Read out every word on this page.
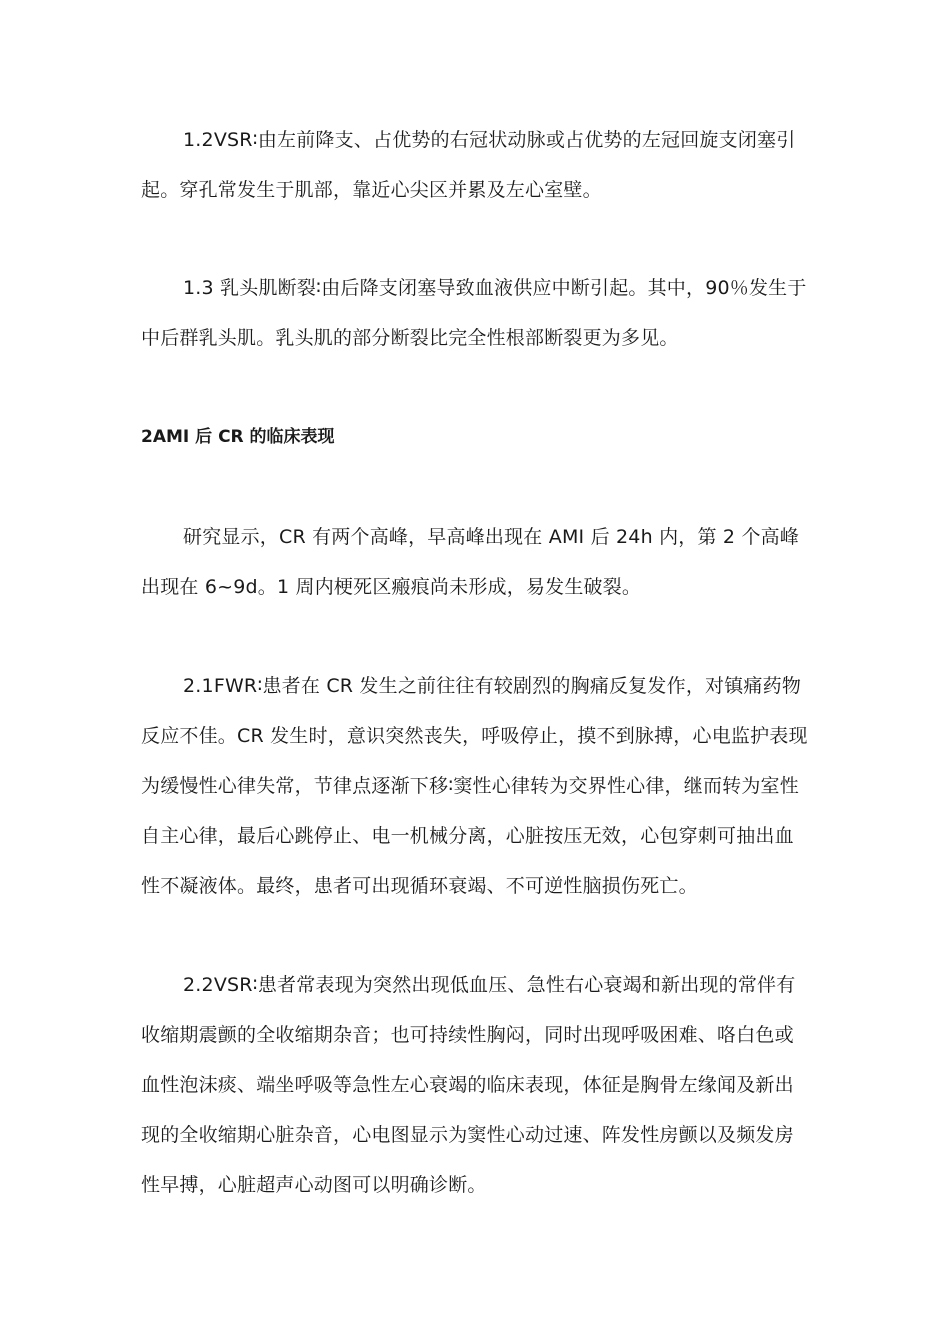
1.2VSR∶由左前降支、占优势的右冠状动脉或占优势的左冠回旋支闭塞引起。穿孔常发生于肌部，靠近心尖区并累及左心室壁。

1.3 乳头肌断裂∶由后降支闭塞导致血液供应中断引起。其中，90％发生于中后群乳头肌。乳头肌的部分断裂比完全性根部断裂更为多见。

2AMI 后 CR 的临床表现

研究显示，CR 有两个高峰，早高峰出现在 AMI 后 24h 内，第 2 个高峰出现在 6~9d。1 周内梗死区瘢痕尚未形成，易发生破裂。

2.1FWR∶患者在 CR 发生之前往往有较剧烈的胸痛反复发作，对镇痛药物反应不佳。CR 发生时，意识突然丧失，呼吸停止，摸不到脉搏，心电监护表现为缓慢性心律失常，节律点逐渐下移∶窦性心律转为交界性心律，继而转为室性自主心律，最后心跳停止、电一机械分离，心脏按压无效，心包穿刺可抽出血性不凝液体。最终，患者可出现循环衰竭、不可逆性脑损伤死亡。

2.2VSR∶患者常表现为突然出现低血压、急性右心衰竭和新出现的常伴有收缩期震颤的全收缩期杂音；也可持续性胸闷，同时出现呼吸困难、咯白色或血性泡沫痰、端坐呼吸等急性左心衰竭的临床表现，体征是胸骨左缘闻及新出现的全收缩期心脏杂音，心电图显示为窦性心动过速、阵发性房颤以及频发房性早搏，心脏超声心动图可以明确诊断。
